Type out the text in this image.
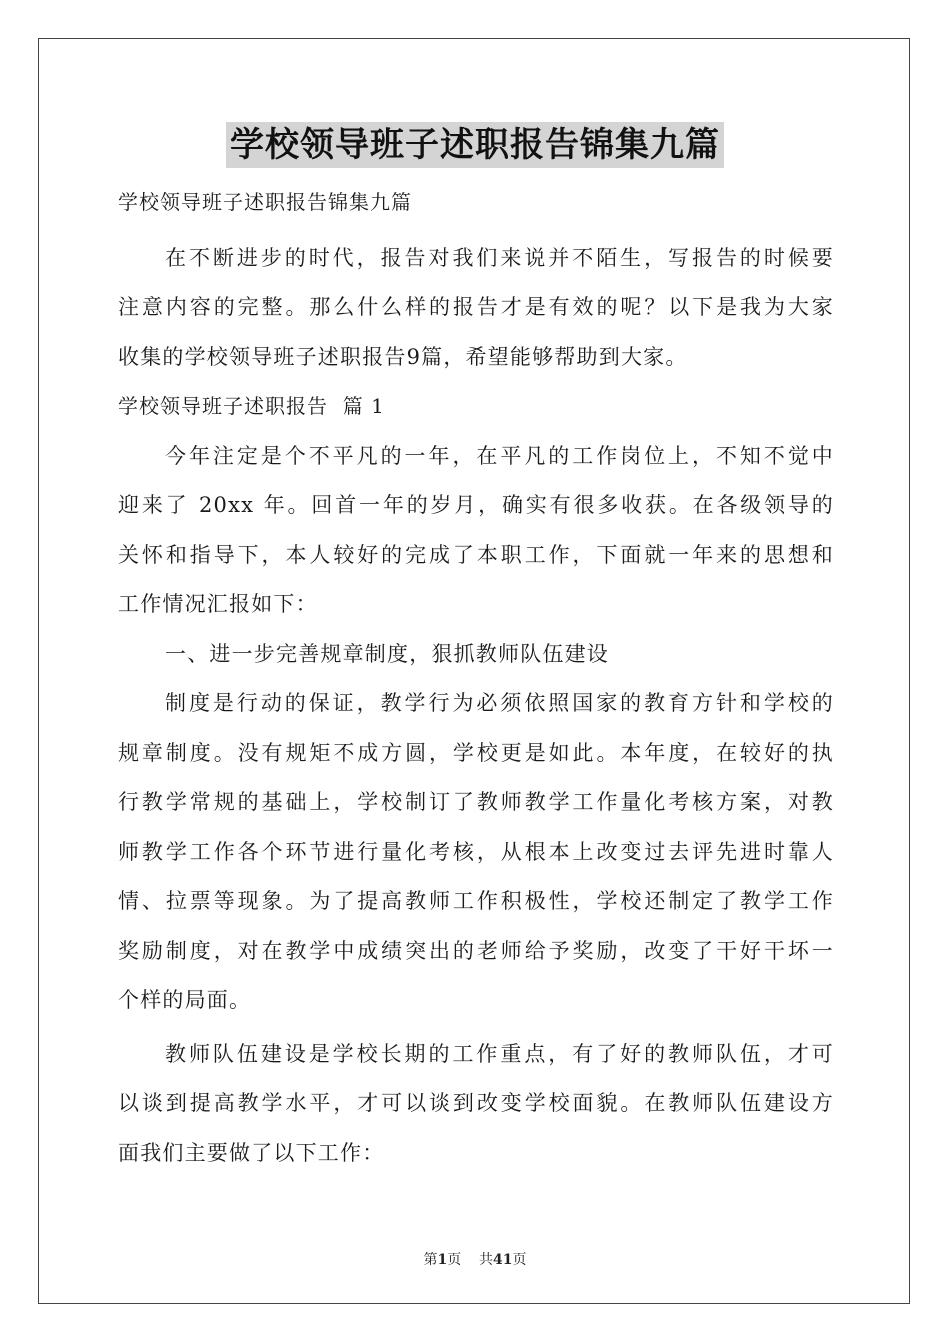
学校领导班子述职报告锦集九篇

学校领导班子述职报告锦集九篇

在不断进步的时代，报告对我们来说并不陌生，写报告的时候要

注意内容的完整。那么什么样的报告才是有效的呢？以下是我为大家

收集的学校领导班子述职报告9篇，希望能够帮助到大家。

学校领导班子述职报告  篇 1

今年注定是个不平凡的一年，在平凡的工作岗位上，不知不觉中

迎来了 20xx 年。回首一年的岁月，确实有很多收获。在各级领导的

关怀和指导下，本人较好的完成了本职工作，下面就一年来的思想和

工作情况汇报如下：

一、进一步完善规章制度，狠抓教师队伍建设

制度是行动的保证，教学行为必须依照国家的教育方针和学校的

规章制度。没有规矩不成方圆，学校更是如此。本年度，在较好的执

行教学常规的基础上，学校制订了教师教学工作量化考核方案，对教

师教学工作各个环节进行量化考核，从根本上改变过去评先进时靠人

情、拉票等现象。为了提高教师工作积极性，学校还制定了教学工作

奖励制度，对在教学中成绩突出的老师给予奖励，改变了干好干坏一

个样的局面。

教师队伍建设是学校长期的工作重点，有了好的教师队伍，才可

以谈到提高教学水平，才可以谈到改变学校面貌。在教师队伍建设方

面我们主要做了以下工作：

第1页 共41页
